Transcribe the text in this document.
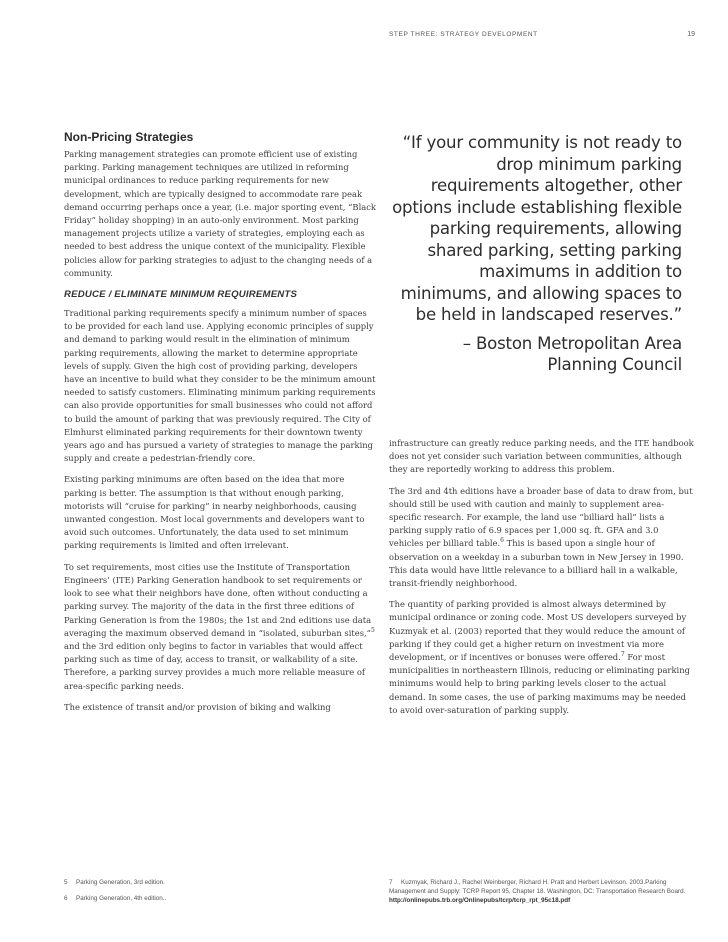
STEP THREE: STRATEGY DEVELOPMENT	19
Non-Pricing Strategies

Parking management strategies can promote efficient use of existing parking. Parking management techniques are utilized in reforming municipal ordinances to reduce parking requirements for new development, which are typically designed to accommodate rare peak demand occurring perhaps once a year, (i.e. major sporting event, “Black Friday” holiday shopping) in an auto-only environment. Most parking management projects utilize a variety of strategies, employing each as needed to best address the unique context of the municipality. Flexible policies allow for parking strategies to adjust to the changing needs of a community.

REDUCE / ELIMINATE MINIMUM REQUIREMENTS

Traditional parking requirements specify a minimum number of spaces to be provided for each land use. Applying economic principles of supply and demand to parking would result in the elimination of minimum parking requirements, allowing the market to determine appropriate levels of supply. Given the high cost of providing parking, developers have an incentive to build what they consider to be the minimum amount needed to satisfy customers. Eliminating minimum parking requirements can also provide opportunities for small businesses who could not afford to build the amount of parking that was previously required. The City of Elmhurst eliminated parking requirements for their downtown twenty years ago and has pursued a variety of strategies to manage the parking supply and create a pedestrian-friendly core.

Existing parking minimums are often based on the idea that more parking is better. The assumption is that without enough parking, motorists will “cruise for parking” in nearby neighborhoods, causing unwanted congestion. Most local governments and developers want to avoid such outcomes. Unfortunately, the data used to set minimum parking requirements is limited and often irrelevant.

To set requirements, most cities use the Institute of Transportation Engineers’ (ITE) Parking Generation handbook to set requirements or look to see what their neighbors have done, often without conducting a parking survey. The majority of the data in the first three editions of Parking Generation is from the 1980s; the 1st and 2nd editions use data averaging the maximum observed demand in “isolated, suburban sites,”$^5$ and the 3rd edition only begins to factor in variables that would affect parking such as time of day, access to transit, or walkability of a site. Therefore, a parking survey provides a much more reliable measure of area-specific parking needs.

The existence of transit and/or provision of biking and walking

“If your community is not ready to drop minimum parking requirements altogether, other options include establishing flexible parking requirements, allowing shared parking, setting parking maximums in addition to minimums, and allowing spaces to be held in landscaped reserves.”
– Boston Metropolitan Area Planning Council

infrastructure can greatly reduce parking needs, and the ITE handbook does not yet consider such variation between communities, although they are reportedly working to address this problem.

The 3rd and 4th editions have a broader base of data to draw from, but should still be used with caution and mainly to supplement area-specific research. For example, the land use “billiard hall” lists a parking supply ratio of 6.9 spaces per 1,000 sq. ft. GFA and 3.0 vehicles per billiard table.$^6$ This is based upon a single hour of observation on a weekday in a suburban town in New Jersey in 1990. This data would have little relevance to a billiard hall in a walkable, transit-friendly neighborhood.

The quantity of parking provided is almost always determined by municipal ordinance or zoning code. Most US developers surveyed by Kuzmyak et al. (2003) reported that they would reduce the amount of parking if they could get a higher return on investment via more development, or if incentives or bonuses were offered.$^7$ For most municipalities in northeastern Illinois, reducing or eliminating parking minimums would help to bring parking levels closer to the actual demand. In some cases, the use of parking maximums may be needed to avoid over-saturation of parking supply.

5 Parking Generation, 3rd edition.
6 Parking Generation, 4th edition..
7 Kuzmyak, Richard J., Rachel Weinberger, Richard H. Pratt and Herbert Levinson. 2003.Parking Management and Supply: TCRP Report 95, Chapter 18. Washington, DC: Transportation Research Board. http://onlinepubs.trb.org/Onlinepubs/tcrp/tcrp_rpt_95c18.pdf
